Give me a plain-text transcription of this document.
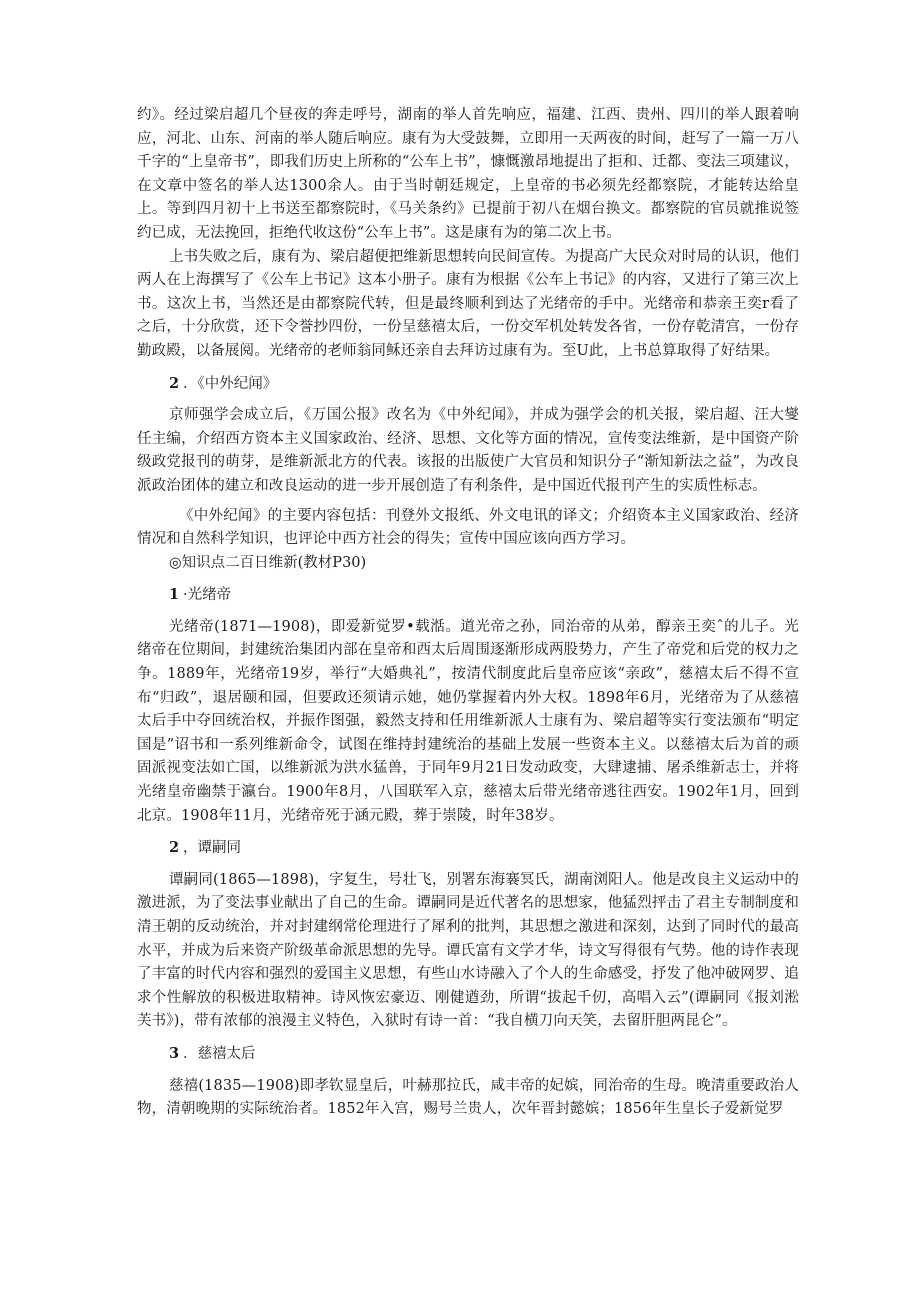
约》。经过梁启超几个昼夜的奔走呼号，湖南的举人首先响应，福建、江西、贵州、四川的举人跟着响应，河北、山东、河南的举人随后响应。康有为大受鼓舞，立即用一天两夜的时间，赶写了一篇一万八千字的“上皇帝书”，即我们历史上所称的“公车上书”，慷慨激昂地提出了拒和、迁都、变法三项建议，在文章中签名的举人达1300余人。由于当时朝廷规定，上皇帝的书必须先经都察院，才能转达给皇上。等到四月初十上书送至都察院时，《马关条约》已提前于初八在烟台换文。都察院的官员就推说签约已成，无法挽回，拒绝代收这份“公车上书”。这是康有为的第二次上书。

上书失败之后，康有为、梁启超便把维新思想转向民间宣传。为提高广大民众对时局的认识，他们两人在上海撰写了《公车上书记》这本小册子。康有为根据《公车上书记》的内容，又进行了第三次上书。这次上书，当然还是由都察院代转，但是最终顺利到达了光绪帝的手中。光绪帝和恭亲王奕r看了之后，十分欣赏，还下令誉抄四份，一份呈慈禧太后，一份交军机处转发各省，一份存乾清宫，一份存勤政殿，以备展阅。光绪帝的老师翁同稣还亲自去拜访过康有为。至U此，上书总算取得了好结果。

2 ．《中外纪闻》

京师强学会成立后，《万国公报》改名为《中外纪闻》，并成为强学会的机关报，梁启超、汪大燮任主编，介绍西方资本主义国家政治、经济、思想、文化等方面的情况，宣传变法维新，是中国资产阶级政党报刊的萌芽，是维新派北方的代表。该报的出版使广大官员和知识分子“渐知新法之益”，为改良派政治团体的建立和改良运动的进一步开展创造了有利条件，是中国近代报刊产生的实质性标志。

《中外纪闻》的主要内容包括：刊登外文报纸、外文电讯的译文；介绍资本主义国家政治、经济情况和自然科学知识，也评论中西方社会的得失；宣传中国应该向西方学习。

◎知识点二百日维新(教材P30)

1 ·光绪帝

光绪帝(1871—1908)，即爱新觉罗•载湉。道光帝之孙，同治帝的从弟，醇亲王奕ˆ的儿子。光绪帝在位期间，封建统治集团内部在皇帝和西太后周围逐渐形成两股势力，产生了帝党和后党的权力之争。1889年，光绪帝19岁，举行“大婚典礼”，按清代制度此后皇帝应该“亲政”，慈禧太后不得不宣布“归政”，退居颐和园，但要政还须请示她，她仍掌握着内外大权。1898年6月，光绪帝为了从慈禧太后手中夺回统治权，并振作图强，毅然支持和任用维新派人士康有为、梁启超等实行变法颁布“明定国是”诏书和一系列维新命令，试图在维持封建统治的基础上发展一些资本主义。以慈禧太后为首的顽固派视变法如亡国，以维新派为洪水猛兽，于同年9月21日发动政变，大肆逮捕、屠杀维新志士，并将光绪皇帝幽禁于瀛台。1900年8月，八国联军入京，慈禧太后带光绪帝逃往西安。1902年1月，回到北京。1908年11月，光绪帝死于涵元殿，葬于崇陵，时年38岁。

2 ，谭嗣同

谭嗣同(1865—1898)，字复生，号壮飞，别署东海褰冥氏，湖南浏阳人。他是改良主义运动中的激进派，为了变法事业献出了自己的生命。谭嗣同是近代著名的思想家，他猛烈抨击了君主专制制度和清王朝的反动统治，并对封建纲常伦理进行了犀利的批判，其思想之激进和深刻，达到了同时代的最高水平，并成为后来资产阶级革命派思想的先导。谭氏富有文学才华，诗文写得很有气势。他的诗作表现了丰富的时代内容和强烈的爱国主义思想，有些山水诗融入了个人的生命感受，抒发了他冲破网罗、追求个性解放的积极进取精神。诗风恢宏豪迈、刚健遒劲，所谓“拔起千仞，高唱入云”(谭嗣同《报刘淞芙书》)，带有浓郁的浪漫主义特色，入狱时有诗一首：“我自横刀向天笑，去留肝胆两昆仑”。

3 ．慈禧太后

慈禧(1835—1908)即孝钦显皇后，叶赫那拉氏，咸丰帝的妃嫔，同治帝的生母。晚清重要政治人物，清朝晚期的实际统治者。1852年入宫，赐号兰贵人，次年晋封懿嫔；1856年生皇长子爱新觉罗
